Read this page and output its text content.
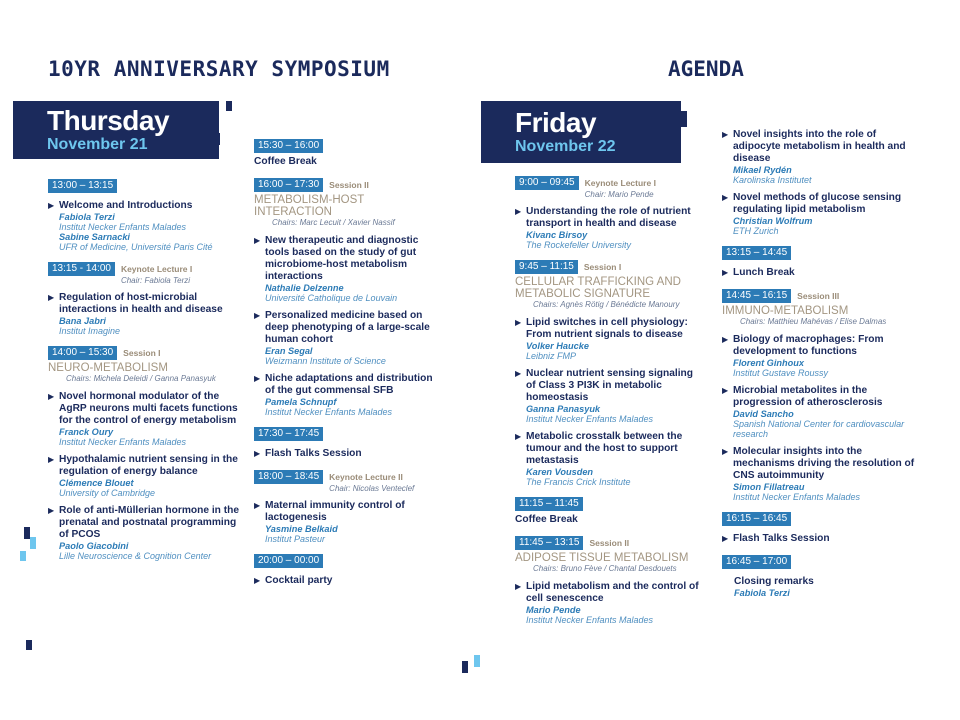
10YR ANNIVERSARY SYMPOSIUM	AGENDA
Thursday
November 21
Friday
November 22
13:00 – 13:15
▶ Welcome and Introductions
Fabiola Terzi
Institut Necker Enfants Malades
Sabine Sarnacki
UFR of Medicine, Université Paris Cité
13:15 - 14:00	Keynote Lecture I
Chair: Fabiola Terzi
▶ Regulation of host-microbial interactions in health and disease
Bana Jabri
Institut Imagine
14:00 – 15:30	Session I
NEURO-METABOLISM
Chairs: Michela Deleidi / Ganna Panasyuk
▶ Novel hormonal modulator of the AgRP neurons multi facets functions for the control of energy metabolism
Franck Oury
Institut Necker Enfants Malades
▶ Hypothalamic nutrient sensing in the regulation of energy balance
Clémence Blouet
University of Cambridge
▶ Role of anti-Müllerian hormone in the prenatal and postnatal programming of PCOS
Paolo Giacobini
Lille Neuroscience & Cognition Center
15:30 – 16:00
Coffee Break
16:00 – 17:30	Session II
METABOLISM-HOST INTERACTION
Chairs: Marc Lecuit / Xavier Nassif
▶ New therapeutic and diagnostic tools based on the study of gut microbiome-host metabolism interactions
Nathalie Delzenne
Université Catholique de Louvain
▶ Personalized medicine based on deep phenotyping of a large-scale human cohort
Eran Segal
Weizmann Institute of Science
▶ Niche adaptations and distribution of the gut commensal SFB
Pamela Schnupf
Institut Necker Enfants Malades
17:30 – 17:45
▶ Flash Talks Session
18:00 – 18:45	Keynote Lecture II
Chair: Nicolas Venteclef
▶ Maternal immunity control of lactogenesis
Yasmine Belkaid
Institut Pasteur
20:00 – 00:00
▶ Cocktail party
9:00 – 09:45	Keynote Lecture I
Chair: Mario Pende
▶ Understanding the role of nutrient transport in health and disease
Kivanc Birsoy
The Rockefeller University
9:45 – 11:15	Session I
CELLULAR TRAFFICKING AND METABOLIC SIGNATURE
Chairs: Agnès Rötig / Bénédicte Manoury
▶ Lipid switches in cell physiology: From nutrient signals to disease
Volker Haucke
Leibniz FMP
▶ Nuclear nutrient sensing signaling of Class 3 PI3K in metabolic homeostasis
Ganna Panasyuk
Institut Necker Enfants Malades
▶ Metabolic crosstalk between the tumour and the host to support metastasis
Karen Vousden
The Francis Crick Institute
11:15 – 11:45
Coffee Break
11:45 – 13:15	Session II
ADIPOSE TISSUE METABOLISM
Chairs: Bruno Fève / Chantal Desdouets
▶ Lipid metabolism and the control of cell senescence
Mario Pende
Institut Necker Enfants Malades
▶ Novel insights into the role of adipocyte metabolism in health and disease
Mikael Rydén
Karolinska Institutet
▶ Novel methods of glucose sensing regulating lipid metabolism
Christian Wolfrum
ETH Zurich
13:15 – 14:45
▶ Lunch Break
14:45 – 16:15	Session III
IMMUNO-METABOLISM
Chairs: Matthieu Mahévas / Elise Dalmas
▶ Biology of macrophages: From development to functions
Florent Ginhoux
Institut Gustave Roussy
▶ Microbial metabolites in the progression of atherosclerosis
David Sancho
Spanish National Center for cardiovascular research
▶ Molecular insights into the mechanisms driving the resolution of CNS autoimmunity
Simon Fillatreau
Institut Necker Enfants Malades
16:15 – 16:45
▶ Flash Talks Session
16:45 – 17:00
Closing remarks
Fabiola Terzi
